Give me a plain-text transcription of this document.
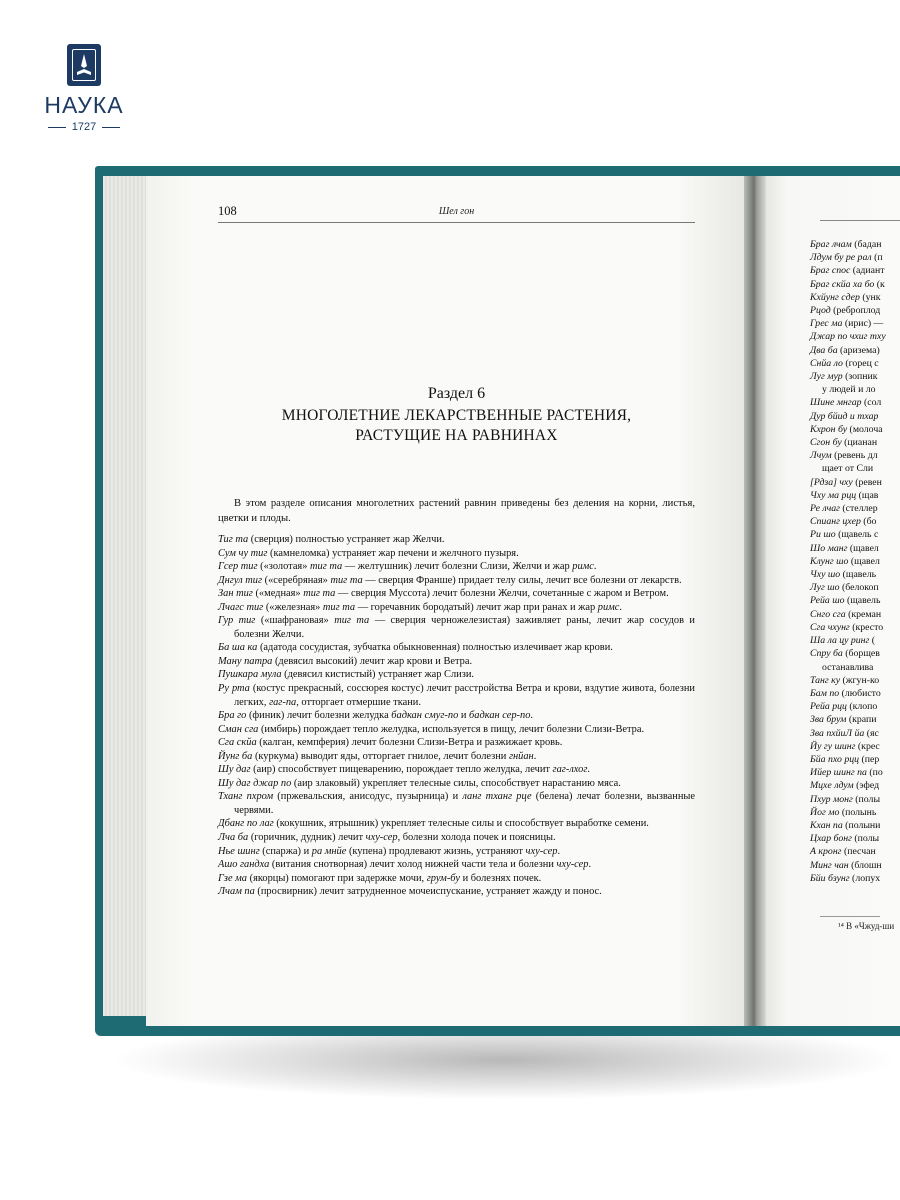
НАУКА
1727
Брaг лчам (бадан
Лдум бу ре рал (п
Браг спос (адиант
Браг скйа ха бо (к
Кхйунг сдер (унк
Рцод (реброплод
Грес ма (ирис) —
Джар по чхиг тху
Два ба (аризема)
Снйа ло (горец с
Луг мур (зопник
у людей и ло
Шине мнгар (сол
Дур бйид и тхар
Кхрон бу (молоча
Сгон бу (цианан
Лчум (ревень дл
щает от Сли
[Рдза] чху (ревен
Чху ма рцц (щав
Ре лчаг (стеллер
Спианг цхер (бо
Ри шо (щавель с
Шо манг (щавел
Клунг шо (щавел
Чху шо (щавель
Луг шо (белокоп
Рейа шо (щавель
Снго сга (креман
Сга чхунг (кресто
Ша ла цу ринг (
Спру ба (борщев
останавлива
Танг ку (жгун-ко
Бам по (любисто
Рейа рцц (клопо
Зва брум (крапи
Зва пхйиЛ йа (яс
Йу гу шинг (крес
Бйа пхо рцц (пер
Ийер шинг па (по
Мцхе лдум (эфед
Пхур монг (полы
Йог мо (полынь
Кхан па (полыни
Цхар бонг (полы
А кронг (песчан
Минг чан (блошн
Бйи бзунг (лопух
¹⁴ В «Чжуд-ши
108	Шел гон
Раздел 6
МНОГОЛЕТНИЕ ЛЕКАРСТВЕННЫЕ РАСТЕНИЯ,
РАСТУЩИЕ НА РАВНИНАХ
В этом разделе описания многолетних растений равнин приведены без деления на корни, листья, цветки и плоды.
Тиг та (сверция) полностью устраняет жар Желчи.
Сум чу тиг (камнеломка) устраняет жар печени и желчного пузыря.
Гсер тиг («золотая» тиг та — желтушник) лечит болезни Слизи, Желчи и жар римс.
Днгул тиг («серебряная» тиг та — сверция Франше) придает телу силы, лечит все болезни от лекарств.
Зан тиг («медная» тиг та — сверция Муссота) лечит болезни Желчи, сочетанные с жаром и Ветром.
Лчагс тиг («железная» тиг та — горечавник бородатый) лечит жар при ранах и жар римс.
Гур тиг («шафрановая» тиг та — сверция черножелезистая) заживляет раны, лечит жар сосудов и болезни Желчи.
Ба ша ка (адатода сосудистая, зубчатка обыкновенная) полностью излечивает жар крови.
Ману патра (девясил высокий) лечит жар крови и Ветра.
Пушкара мула (девясил кистистый) устраняет жар Слизи.
Ру рта (костус прекрасный, соссюрея костус) лечит расстройства Ветра и крови, вздутие живота, болезни легких, гаг-па, отторгает отмершие ткани.
Бра го (финик) лечит болезни желудка бадкан смуг-по и бадкан сер-по.
Сман сга (имбирь) порождает тепло желудка, используется в пищу, лечит болезни Слизи-Ветра.
Сга скйа (калган, кемпферия) лечит болезни Слизи-Ветра и разжижает кровь.
Йунг ба (куркума) выводит яды, отторгает гнилое, лечит болезни гнйан.
Шу даг (аир) способствует пищеварению, порождает тепло желудка, лечит гаг-лхог.
Шу даг джар по (аир злаковый) укрепляет телесные силы, способствует нарастанию мяса.
Тханг пхром (пржевальския, анисодус, пузырница) и ланг тханг рце (белена) лечат болезни, вызванные червями.
Дбанг по лаг (кокушник, ятрышник) укрепляет телесные силы и способствует выработке семени.
Лча ба (горичник, дудник) лечит чху-сер, болезни холода почек и поясницы.
Ньe шинг (спаржа) и ра мнйе (купена) продлевают жизнь, устраняют чху-сер.
Ашо гандха (витания снотворная) лечит холод нижней части тела и болезни чху-сер.
Гзе ма (якорцы) помогают при задержке мочи, грум-бу и болезнях почек.
Лчам па (просвирник) лечит затрудненное мочеиспускание, устраняет жажду и понос.
